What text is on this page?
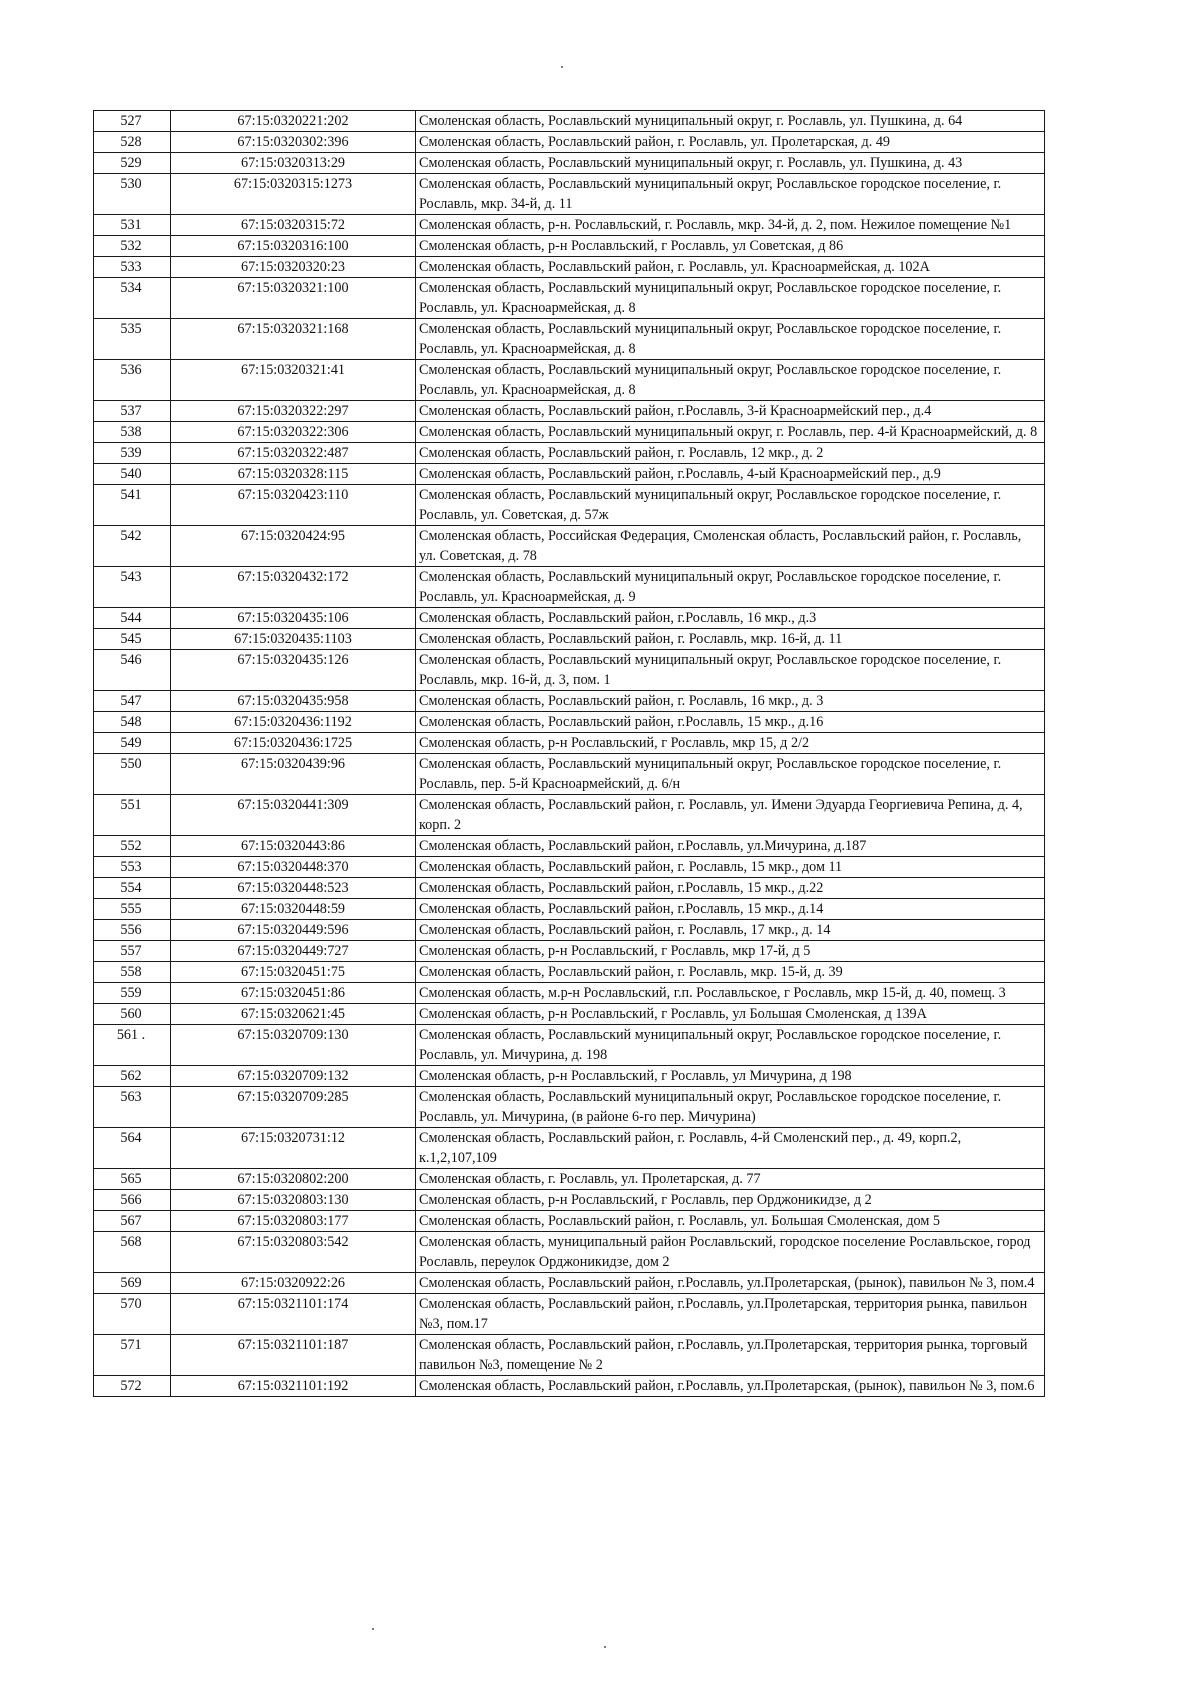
527	67:15:0320221:202	Смоленская область, Рославльский муниципальный округ, г. Рославль, ул. Пушкина, д. 64
528	67:15:0320302:396	Смоленская область, Рославльский район, г. Рославль, ул. Пролетарская, д. 49
529	67:15:0320313:29	Смоленская область, Рославльский муниципальный округ, г. Рославль, ул. Пушкина, д. 43
530	67:15:0320315:1273	Смоленская область, Рославльский муниципальный округ, Рославльское городское поселение, г. Рославль, мкр. 34-й, д. 11
531	67:15:0320315:72	Смоленская область, р-н. Рославльский, г. Рославль, мкр. 34-й, д. 2, пом. Нежилое помещение №1
532	67:15:0320316:100	Смоленская область, р-н Рославльский, г Рославль, ул Советская, д 86
533	67:15:0320320:23	Смоленская область, Рославльский район, г. Рославль, ул. Красноармейская, д. 102А
534	67:15:0320321:100	Смоленская область, Рославльский муниципальный округ, Рославльское городское поселение, г. Рославль, ул. Красноармейская, д. 8
535	67:15:0320321:168	Смоленская область, Рославльский муниципальный округ, Рославльское городское поселение, г. Рославль, ул. Красноармейская, д. 8
536	67:15:0320321:41	Смоленская область, Рославльский муниципальный округ, Рославльское городское поселение, г. Рославль, ул. Красноармейская, д. 8
537	67:15:0320322:297	Смоленская область, Рославльский район, г.Рославль, 3-й Красноармейский пер., д.4
538	67:15:0320322:306	Смоленская область, Рославльский муниципальный округ, г. Рославль, пер. 4-й Красноармейский, д. 8
539	67:15:0320322:487	Смоленская область, Рославльский район, г. Рославль, 12 мкр., д. 2
540	67:15:0320328:115	Смоленская область, Рославльский район, г.Рославль, 4-ый Красноармейский пер., д.9
541	67:15:0320423:110	Смоленская область, Рославльский муниципальный округ, Рославльское городское поселение, г. Рославль, ул. Советская, д. 57ж
542	67:15:0320424:95	Смоленская область, Российская Федерация, Смоленская область, Рославльский район, г. Рославль, ул. Советская, д. 78
543	67:15:0320432:172	Смоленская область, Рославльский муниципальный округ, Рославльское городское поселение, г. Рославль, ул. Красноармейская, д. 9
544	67:15:0320435:106	Смоленская область, Рославльский район, г.Рославль, 16 мкр., д.3
545	67:15:0320435:1103	Смоленская область, Рославльский район, г. Рославль, мкр. 16-й, д. 11
546	67:15:0320435:126	Смоленская область, Рославльский муниципальный округ, Рославльское городское поселение, г. Рославль, мкр. 16-й, д. 3, пом. 1
547	67:15:0320435:958	Смоленская область, Рославльский район, г. Рославль, 16 мкр., д. 3
548	67:15:0320436:1192	Смоленская область, Рославльский район, г.Рославль, 15 мкр., д.16
549	67:15:0320436:1725	Смоленская область, р-н Рославльский, г Рославль, мкр 15, д 2/2
550	67:15:0320439:96	Смоленская область, Рославльский муниципальный округ, Рославльское городское поселение, г. Рославль, пер. 5-й Красноармейский, д. 6/н
551	67:15:0320441:309	Смоленская область, Рославльский район, г. Рославль, ул. Имени Эдуарда Георгиевича Репина, д. 4, корп. 2
552	67:15:0320443:86	Смоленская область, Рославльский район, г.Рославль, ул.Мичурина, д.187
553	67:15:0320448:370	Смоленская область, Рославльский район, г. Рославль, 15 мкр., дом 11
554	67:15:0320448:523	Смоленская область, Рославльский район, г.Рославль, 15 мкр., д.22
555	67:15:0320448:59	Смоленская область, Рославльский район, г.Рославль, 15 мкр., д.14
556	67:15:0320449:596	Смоленская область, Рославльский район, г. Рославль, 17 мкр., д. 14
557	67:15:0320449:727	Смоленская область, р-н Рославльский, г Рославль, мкр 17-й, д 5
558	67:15:0320451:75	Смоленская область, Рославльский район, г. Рославль, мкр. 15-й, д. 39
559	67:15:0320451:86	Смоленская область, м.р-н Рославльский, г.п. Рославльское, г Рославль, мкр 15-й, д. 40, помещ. 3
560	67:15:0320621:45	Смоленская область, р-н Рославльский, г Рославль, ул Большая Смоленская, д 139А
561 .	67:15:0320709:130	Смоленская область, Рославльский муниципальный округ, Рославльское городское поселение, г. Рославль, ул. Мичурина, д. 198
562	67:15:0320709:132	Смоленская область, р-н Рославльский, г Рославль, ул Мичурина, д 198
563	67:15:0320709:285	Смоленская область, Рославльский муниципальный округ, Рославльское городское поселение, г. Рославль, ул. Мичурина, (в районе 6-го пер. Мичурина)
564	67:15:0320731:12	Смоленская область, Рославльский район, г. Рославль, 4-й Смоленский пер., д. 49, корп.2, к.1,2,107,109
565	67:15:0320802:200	Смоленская область, г. Рославль, ул. Пролетарская, д. 77
566	67:15:0320803:130	Смоленская область, р-н Рославльский, г Рославль, пер Орджоникидзе, д 2
567	67:15:0320803:177	Смоленская область, Рославльский район, г. Рославль, ул. Большая Смоленская, дом 5
568	67:15:0320803:542	Смоленская область, муниципальный район Рославльский, городское поселение Рославльское, город Рославль, переулок Орджоникидзе, дом 2
569	67:15:0320922:26	Смоленская область, Рославльский район, г.Рославль, ул.Пролетарская, (рынок), павильон № 3, пом.4
570	67:15:0321101:174	Смоленская область, Рославльский район, г.Рославль, ул.Пролетарская, территория рынка, павильон №3, пом.17
571	67:15:0321101:187	Смоленская область, Рославльский район, г.Рославль, ул.Пролетарская, территория рынка, торговый павильон №3, помещение № 2
572	67:15:0321101:192	Смоленская область, Рославльский район, г.Рославль, ул.Пролетарская, (рынок), павильон № 3, пом.6
